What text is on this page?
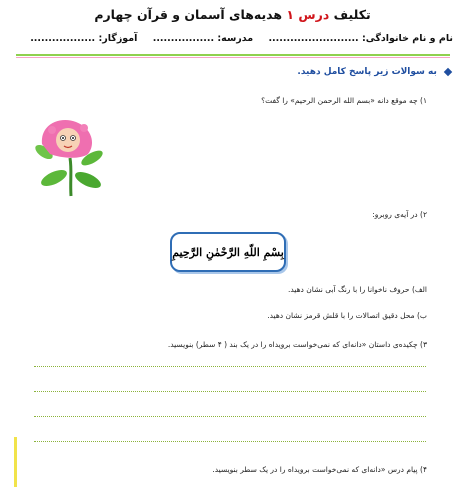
تکلیف درس ۱ هدیه‌های آسمان و قرآن چهارم
نام و نام خانوادگی: ......................... مدرسه: ................. آموزگار: ..................
به سوالات زیر پاسخ کامل دهید.
۱) چه موقع دانه «بسم الله الرحمن الرحیم» را گفت؟
۲) در آیه‌ی روبرو:
بِسْمِ اللّهِ الرَّحْمٰنِ الرَّحِيمِ
الف) حروف ناخوانا را با رنگ آبی نشان دهید.
ب) محل دقیق اتصالات را با قلش قرمز نشان دهید.
۳) چکیده‌ی داستان «دانه‌ای که نمی‌خواست برویداه را در یک بند ( ۴ سطر) بنویسید.
۴) پیام درس «دانه‌ای که نمی‌خواست برویداه را در یک سطر بنویسید.
